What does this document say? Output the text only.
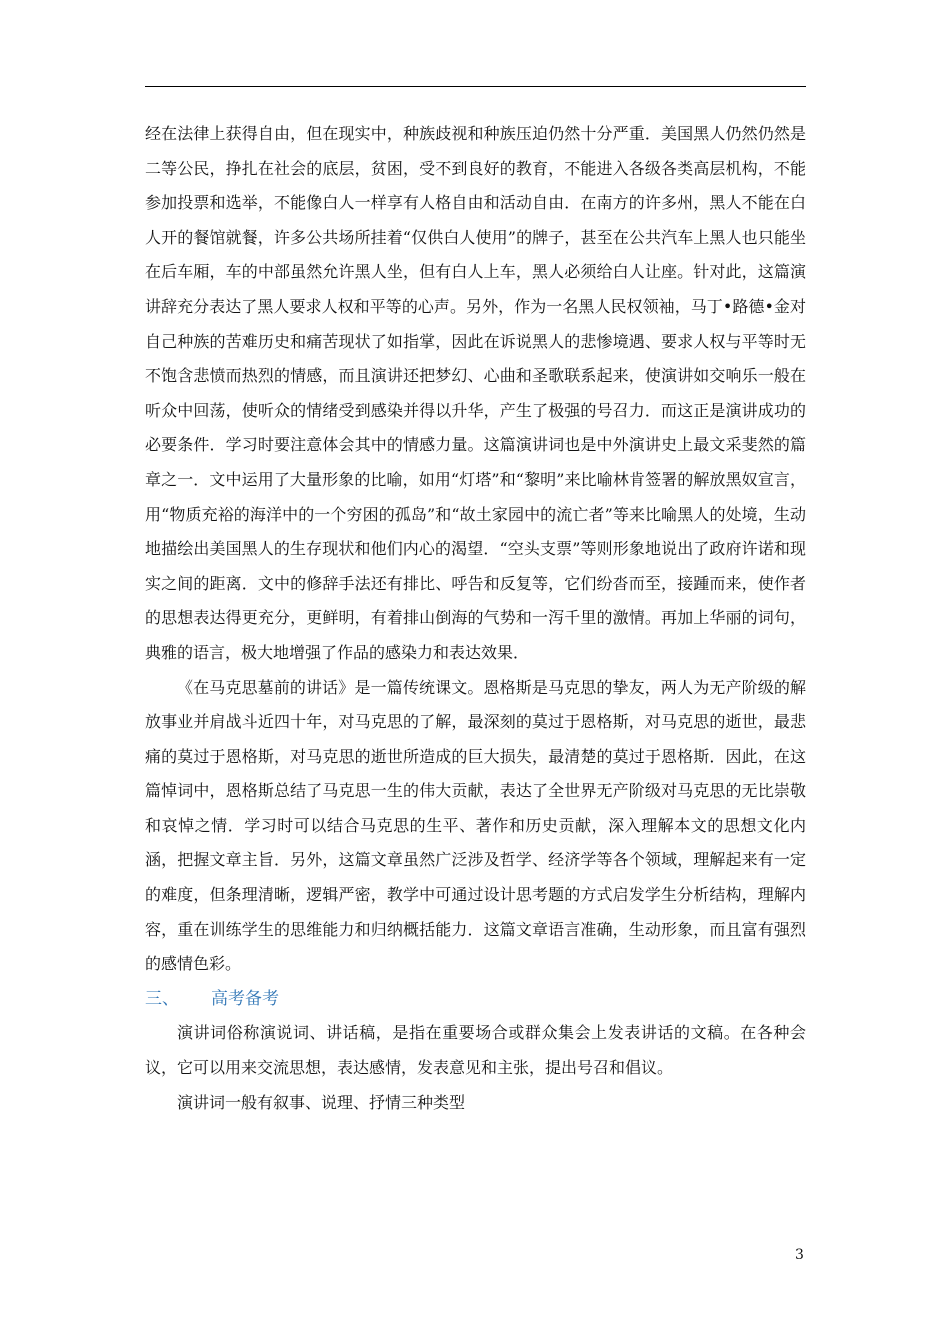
经在法律上获得自由，但在现实中，种族歧视和种族压迫仍然十分严重．美国黑人仍然仍然是二等公民，挣扎在社会的底层，贫困，受不到良好的教育，不能进入各级各类高层机构，不能参加投票和选举，不能像白人一样享有人格自由和活动自由．在南方的许多州，黑人不能在白人开的餐馆就餐，许多公共场所挂着“仅供白人使用”的牌子，甚至在公共汽车上黑人也只能坐在后车厢，车的中部虽然允许黑人坐，但有白人上车，黑人必须给白人让座。针对此，这篇演讲辞充分表达了黑人要求人权和平等的心声。另外，作为一名黑人民权领袖，马丁•路德•金对自己种族的苦难历史和痛苦现状了如指掌，因此在诉说黑人的悲惨境遇、要求人权与平等时无不饱含悲愤而热烈的情感，而且演讲还把梦幻、心曲和圣歌联系起来，使演讲如交响乐一般在听众中回荡，使听众的情绪受到感染并得以升华，产生了极强的号召力．而这正是演讲成功的必要条件．学习时要注意体会其中的情感力量。这篇演讲词也是中外演讲史上最文采斐然的篇章之一．文中运用了大量形象的比喻，如用“灯塔”和“黎明”来比喻林肯签署的解放黑奴宣言，用“物质充裕的海洋中的一个穷困的孤岛”和“故土家园中的流亡者”等来比喻黑人的处境，生动地描绘出美国黑人的生存现状和他们内心的渴望．“空头支票”等则形象地说出了政府许诺和现实之间的距离．文中的修辞手法还有排比、呼告和反复等，它们纷沓而至，接踵而来，使作者的思想表达得更充分，更鲜明，有着排山倒海的气势和一泻千里的激情。再加上华丽的词句，典雅的语言，极大地增强了作品的感染力和表达效果．

《在马克思墓前的讲话》是一篇传统课文。恩格斯是马克思的挚友，两人为无产阶级的解放事业并肩战斗近四十年，对马克思的了解，最深刻的莫过于恩格斯，对马克思的逝世，最悲痛的莫过于恩格斯，对马克思的逝世所造成的巨大损失，最清楚的莫过于恩格斯．因此，在这篇悼词中，恩格斯总结了马克思一生的伟大贡献，表达了全世界无产阶级对马克思的无比崇敬和哀悼之情．学习时可以结合马克思的生平、著作和历史贡献，深入理解本文的思想文化内涵，把握文章主旨．另外，这篇文章虽然广泛涉及哲学、经济学等各个领域，理解起来有一定的难度，但条理清晰，逻辑严密，教学中可通过设计思考题的方式启发学生分析结构，理解内容，重在训练学生的思维能力和归纳概括能力．这篇文章语言准确，生动形象，而且富有强烈的感情色彩。

三、	高考备考

演讲词俗称演说词、讲话稿，是指在重要场合或群众集会上发表讲话的文稿。在各种会议，它可以用来交流思想，表达感情，发表意见和主张，提出号召和倡议。

演讲词一般有叙事、说理、抒情三种类型

3
